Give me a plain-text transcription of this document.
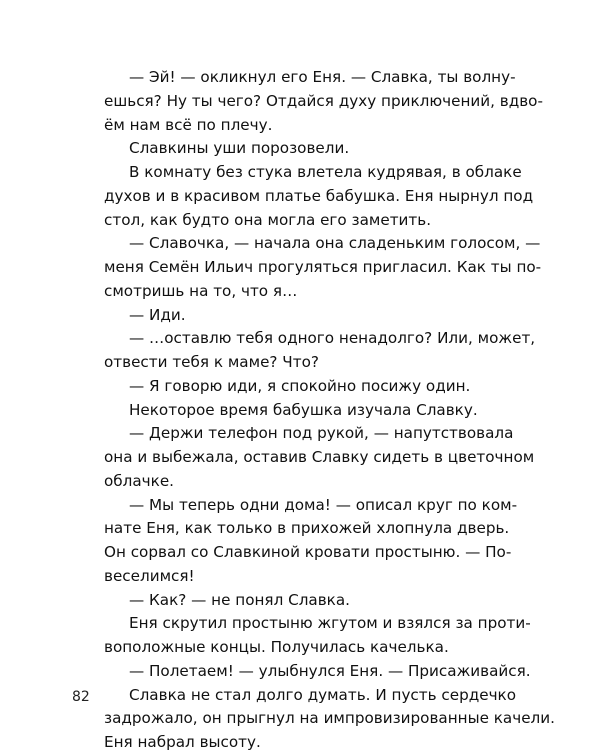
— Эй! — окликнул его Еня. — Славка, ты волну-
ешься? Ну ты чего? Отдайся духу приключений, вдво-
ём нам всё по плечу.
Славкины уши порозовели.
В комнату без стука влетела кудрявая, в облаке
духов и в красивом платье бабушка. Еня нырнул под
стол, как будто она могла его заметить.
— Славочка, — начала она сладеньким голосом, —
меня Семён Ильич прогуляться пригласил. Как ты по-
смотришь на то, что я…
— Иди.
— …оставлю тебя одного ненадолго? Или, может,
отвести тебя к маме? Что?
— Я говорю иди, я спокойно посижу один.
Некоторое время бабушка изучала Славку.
— Держи телефон под рукой, — напутствовала
она и выбежала, оставив Славку сидеть в цветочном
облачке.
— Мы теперь одни дома! — описал круг по ком-
нате Еня, как только в прихожей хлопнула дверь.
Он сорвал со Славкиной кровати простыню. — По-
веселимся!
— Как? — не понял Славка.
Еня скрутил простыню жгутом и взялся за проти-
воположные концы. Получилась качелька.
— Полетаем! — улыбнулся Еня. — Присаживайся.
Славка не стал долго думать. И пусть сердечко
задрожало, он прыгнул на импровизированные качели.
Еня набрал высоту.
82
